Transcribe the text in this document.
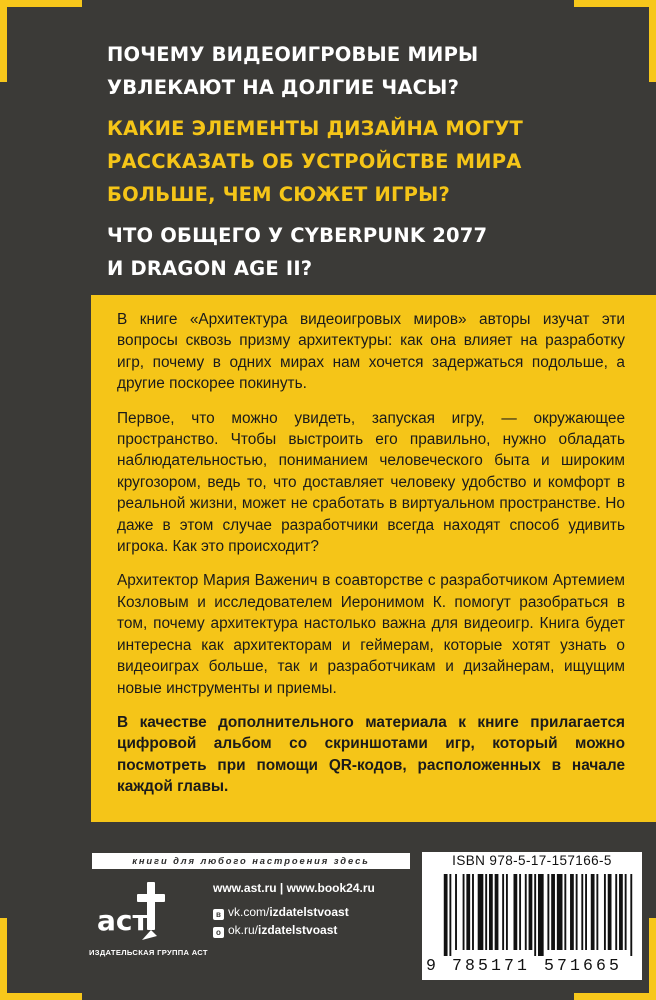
ПОЧЕМУ ВИДЕОИГРОВЫЕ МИРЫ

УВЛЕКАЮТ НА ДОЛГИЕ ЧАСЫ?

КАКИЕ ЭЛЕМЕНТЫ ДИЗАЙНА МОГУТ

РАССКАЗАТЬ ОБ УСТРОЙСТВЕ МИРА

БОЛЬШЕ, ЧЕМ СЮЖЕТ ИГРЫ?

ЧТО ОБЩЕГО У CYBERPUNK 2077

И DRAGON AGE II?

В книге «Архитектура видеоигровых миров» авторы изучат эти вопросы сквозь призму архитектуры: как она влияет на разработку игр, почему в одних мирах нам хочется задержаться подольше, а другие поскорее покинуть.

Первое, что можно увидеть, запуская игру, — окружающее пространство. Чтобы выстроить его правильно, нужно обладать наблюдательностью, пониманием человеческого быта и широким кругозором, ведь то, что доставляет человеку удобство и комфорт в реальной жизни, может не сработать в виртуальном пространстве. Но даже в этом случае разработчики всегда находят способ удивить игрока. Как это происходит?

Архитектор Мария Важенич в соавторстве с разработчиком Артемием Козловым и исследователем Иеронимом К. помогут разобраться в том, почему архитектура настолько важна для видеоигр. Книга будет интересна как архитекторам и геймерам, которые хотят узнать о видеоиграх больше, так и разработчикам и дизайнерам, ищущим новые инструменты и приемы.

В качестве дополнительного материала к книге прилагается цифровой альбом со скриншотами игр, который можно посмотреть при помощи QR-кодов, расположенных в начале каждой главы.

книги для любого настроения здесь
аст
ИЗДАТЕЛЬСКАЯ ГРУППА АСТ
www.ast.ru | www.book24.ru
в vk.com/izdatelstvoast
о ok.ru/izdatelstvoast
ISBN 978-5-17-157166-5
9 7 8 5 1 7 1 5 7 1 6 6 5
